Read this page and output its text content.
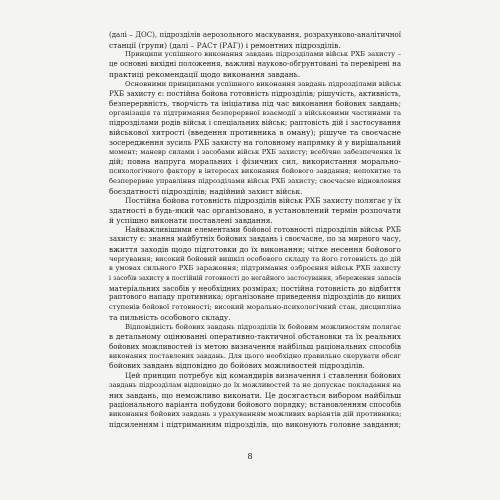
(далі – ДОС), підрозділів аерозольного маскування, розрахунково-аналітичної
станції (групи) (далі – РАСт (РАГ)) і ремонтних підрозділів.
Принципи успішного виконання завдань підрозділами військ РХБ захисту –
це основні вихідні положення, важливі науково-обгрунтовані та перевірені на
практиці рекомендації щодо виконання завдань.
Основними принципами успішного виконання завдань підрозділами військ
РХБ захисту є: постійна бойова готовність підрозділів; рішучість, активність,
безперервність, творчість та ініціатива під час виконання бойових завдань;
організація та підтримання безперервної взаємодії з військовими частинами та
підрозділами родів військ і спеціальних військ; раптовість дій і застосування
військової хитрості (введення противника в оману); рішуче та своєчасне
зосередження зусиль РХБ захисту на головному напрямку й у вирішальний
момент; маневр силами і засобами військ РХБ захисту; всебічне забезпечення їх
дій; повна напруга моральних і фізичних сил, використання морально-
психологічного фактору в інтересах виконання бойового завдання; непохитне та
безперервне управління підрозділами військ РХБ захисту; своєчасне відновлення
боєздатності підрозділів; надійний захист військ.
Постійна бойова готовність підрозділів військ РХБ захисту полягає у їх
здатності в будь-який час організовано, в установлений термін розпочати
й успішно виконати поставлені завдання.
Найважливішими елементами бойової готовності підрозділів військ РХБ
захисту є: знання майбутніх бойових завдань і своєчасне, по за мирного часу,
вжиття заходів щодо підготовки до їх виконання; чітке несення бойового
чергування; високий бойовий вишкіл особового складу та його готовність до дій
в умовах сильного РХБ зараження; підтримання озброєння військ РХБ захисту
і засобів захисту в постійній готовності до негайного застосування, збереження запасів
матеріальних засобів у необхідних розмірах; постійна готовність до відбиття
раптового нападу противника; організоване приведення підрозділів до вищих
ступенів бойової готовності; високий морально-психологічний стан, дисципліна
та пильність особового складу.
Відповідність бойових завдань підрозділів їх бойовим можливостям полягає
в детальному оцінюванні оперативно-тактичної обстановки та їх реальних
бойових можливостей із метою визначення найбільш раціональних способів
виконання поставлених завдань. Для цього необхідно правильно скерувати обсяг
бойових завдань відповідно до бойових можливостей підрозділів.
Цей принцип потребує від командирів визначення і ставлення бойових
завдань підрозділам відповідно до їх можливостей та не допускає покладання на
них завдань, що неможливо виконати. Це досягається вибором найбільш
раціонального варіанта побудови бойового порядку; встановленням способів
виконання бойових завдань з урахуванням можливих варіантів дій противника;
підсиленням і підтриманням підрозділів, що виконують головне завдання;
8
